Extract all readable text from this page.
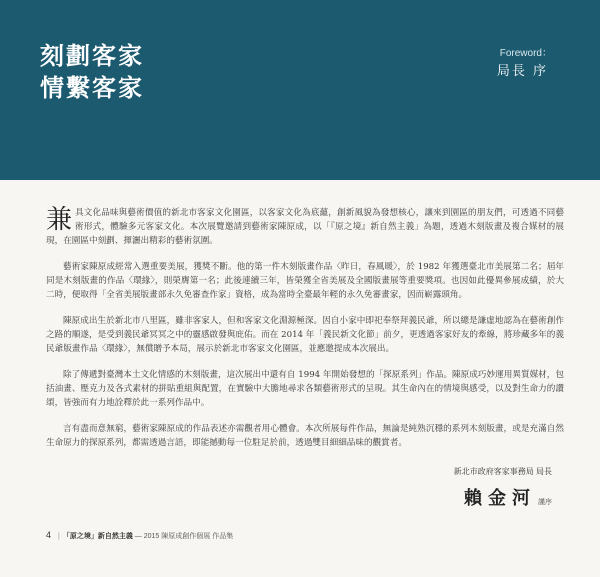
刻劃客家
情繫客家
Foreword：
局長 序

兼具文化品味與藝術價值的新北市客家文化園區，以客家文化為底蘊，創新風貌為發想核心，讓來到園區的朋友們，可透過不同藝術形式，體驗多元客家文化。本次展覽邀請到藝術家陳原成，以「『原之境』新自然主義」為題，透過木刻版畫及複合媒材的展現，在園區中刻劃、揮灑出精彩的藝術氛圍。

藝術家陳原成經常入選重要美展，獲獎不斷。他的第一件木刻版畫作品〈昨日，春風暖〉，於 1982 年獲選臺北市美展第二名；屆年同是木刻版畫的作品〈環緣〉，則榮膺第一名；此後連續三年，皆榮獲全省美展及全國版畫展等重要獎項。也因如此優異參展成績，於大二時，便取得「全省美展版畫部永久免審查作家」資格，成為當時全臺最年輕的永久免審畫家，因而嶄露頭角。

陳原成出生於新北市八里區，雖非客家人，但和客家文化淵源極深。因自小家中即祀奉祭拜義民爺，所以總是謙虛地認為在藝術創作之路的順遂，是受到義民爺冥冥之中的靈感啟發與庇佑。而在 2014 年「義民新文化節」前夕，更透過客家好友的牽線，將珍藏多年的義民爺版畫作品〈環緣〉，無償贈予本局，展示於新北市客家文化園區，並應邀提成本次展出。

除了傳遞對臺灣本土文化情感的木刻版畫，這次展出中還有自 1994 年開始發想的「探原系列」作品。陳原成巧妙運用異質媒材，包括油畫、壓克力及各式素材的拼貼重組與配置，在實驗中大膽地尋求各類藝術形式的呈現。其生命內在的情境與感受，以及對生命力的讚頌，皆強而有力地詮釋於此一系列作品中。

言有盡而意無窮，藝術家陳原成的作品表述亦需觀者用心體會。本次所展每件作品，無論是純熟沉穩的系列木刻版畫，或是充滿自然生命原力的探原系列，都需透過言語，即能撼動每一位駐足於前，透過雙目細細品味的觀賞者。

新北市政府客家事務局 局長
賴金河 謹序
4 | 「原之境」新自然主義 — 2015 陳原成創作個展 作品集
